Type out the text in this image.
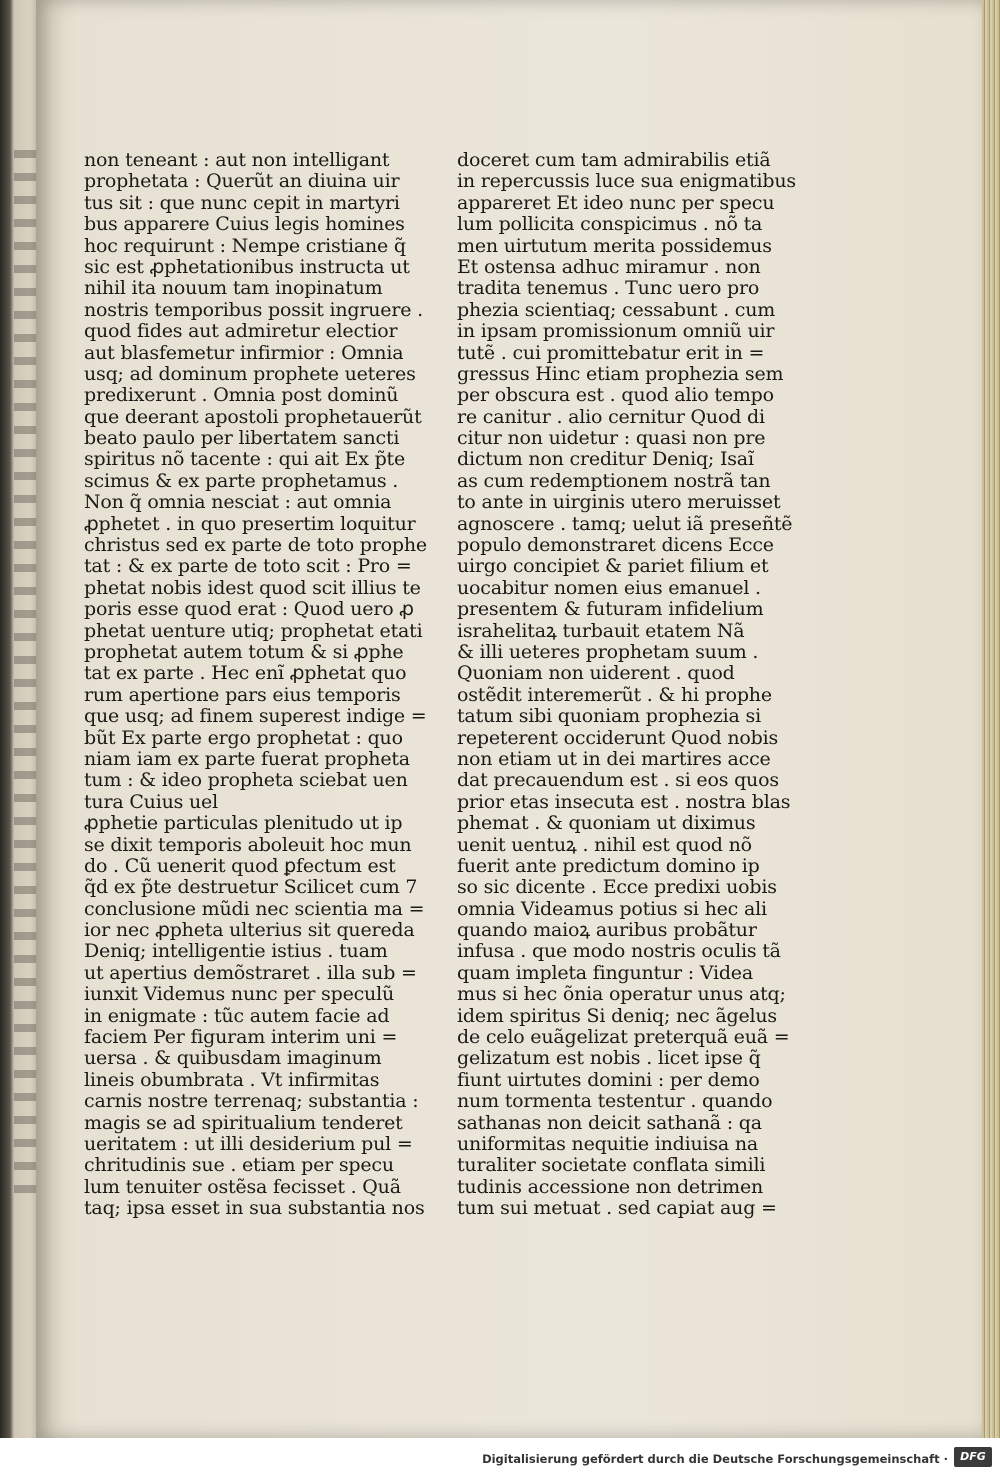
non teneant : aut non intelligant
prophetata : Querũt an diuina uir
tus sit : que nunc cepit in martyri
bus apparere Cuius legis homines
hoc requirunt : Nempe cristiane q̃
sic est ꝓphetationibus instructa ut
nihil ita nouum tam inopinatum
nostris temporibus possit ingruere .
quod fides aut admiretur electior
aut blasfemetur infirmior : Omnia
usq; ad dominum prophete ueteres
predixerunt . Omnia post dominũ
que deerant apostoli prophetauerũt
beato paulo per libertatem sancti
spiritus nõ tacente : qui ait Ex p̃te
scimus & ex parte prophetamus .
Non q̃ omnia nesciat : aut omnia
ꝓphetet . in quo presertim loquitur
christus sed ex parte de toto prophe
tat : & ex parte de toto scit : Pro =
phetat nobis idest quod scit illius te
poris esse quod erat : Quod uero ꝓ
phetat uenture utiq; prophetat etati
prophetat autem totum & si ꝓphe
tat ex parte . Hec enĩ ꝓphetat quo
rum apertione pars eius temporis
que usq; ad finem superest indige =
bũt Ex parte ergo prophetat : quo
niam iam ex parte fuerat propheta
tum : & ideo propheta sciebat uen
tura Cuius uel
ꝓphetie particulas plenitudo ut ip
se dixit temporis aboleuit hoc mun
do . Cũ uenerit quod ꝑfectum est
q̃d ex p̃te destruetur Scilicet cum 7
conclusione mũdi nec scientia ma =
ior nec ꝓpheta ulterius sit quereda
Deniq; intelligentie istius . tuam
ut apertius demõstraret . illa sub =
iunxit Videmus nunc per speculũ
in enigmate : tũc autem facie ad
faciem Per figuram interim uni =
uersa . & quibusdam imaginum
lineis obumbrata . Vt infirmitas
carnis nostre terrenaq; substantia :
magis se ad spiritualium tenderet
ueritatem : ut illi desiderium pul =
chritudinis sue . etiam per specu
lum tenuiter ostẽsa fecisset . Quã
taq; ipsa esset in sua substantia nos
doceret cum tam admirabilis etiã
in repercussis luce sua enigmatibus
appareret Et ideo nunc per specu
lum pollicita conspicimus . nõ ta
men uirtutum merita possidemus
Et ostensa adhuc miramur . non
tradita tenemus . Tunc uero pro
phezia scientiaq; cessabunt . cum
in ipsam promissionum omniũ uir
tutẽ . cui promittebatur erit in =
gressus Hinc etiam prophezia sem
per obscura est . quod alio tempo
re canitur . alio cernitur Quod di
citur non uidetur : quasi non pre
dictum non creditur Deniq; Isaĩ
as cum redemptionem nostrã tan
to ante in uirginis utero meruisset
agnoscere . tamq; uelut iã preseñtẽ
populo demonstraret dicens Ecce
uirgo concipiet & pariet filium et
uocabitur nomen eius emanuel .
presentem & futuram infidelium
israhelitaꝝ turbauit etatem Nã
& illi ueteres prophetam suum .
Quoniam non uiderent . quod
ostẽdit interemerũt . & hi prophe
tatum sibi quoniam prophezia si
repeterent occiderunt Quod nobis
non etiam ut in dei martires acce
dat precauendum est . si eos quos
prior etas insecuta est . nostra blas
phemat . & quoniam ut diximus
uenit uentuꝝ . nihil est quod nõ
fuerit ante predictum domino ip
so sic dicente . Ecce predixi uobis
omnia Videamus potius si hec ali
quando maioꝝ auribus probãtur
infusa . que modo nostris oculis tã
quam impleta finguntur : Videa
mus si hec õnia operatur unus atq;
idem spiritus Si deniq; nec ãgelus
de celo euãgelizat preterquã euã =
gelizatum est nobis . licet ipse q̃
fiunt uirtutes domini : per demo
num tormenta testentur . quando
sathanas non deicit sathanã : qa
uniformitas nequitie indiuisa na
turaliter societate conflata simili
tudinis accessione non detrimen
tum sui metuat . sed capiat aug =
Digitalisierung gefördert durch die Deutsche Forschungsgemeinschaft ·	DFG
